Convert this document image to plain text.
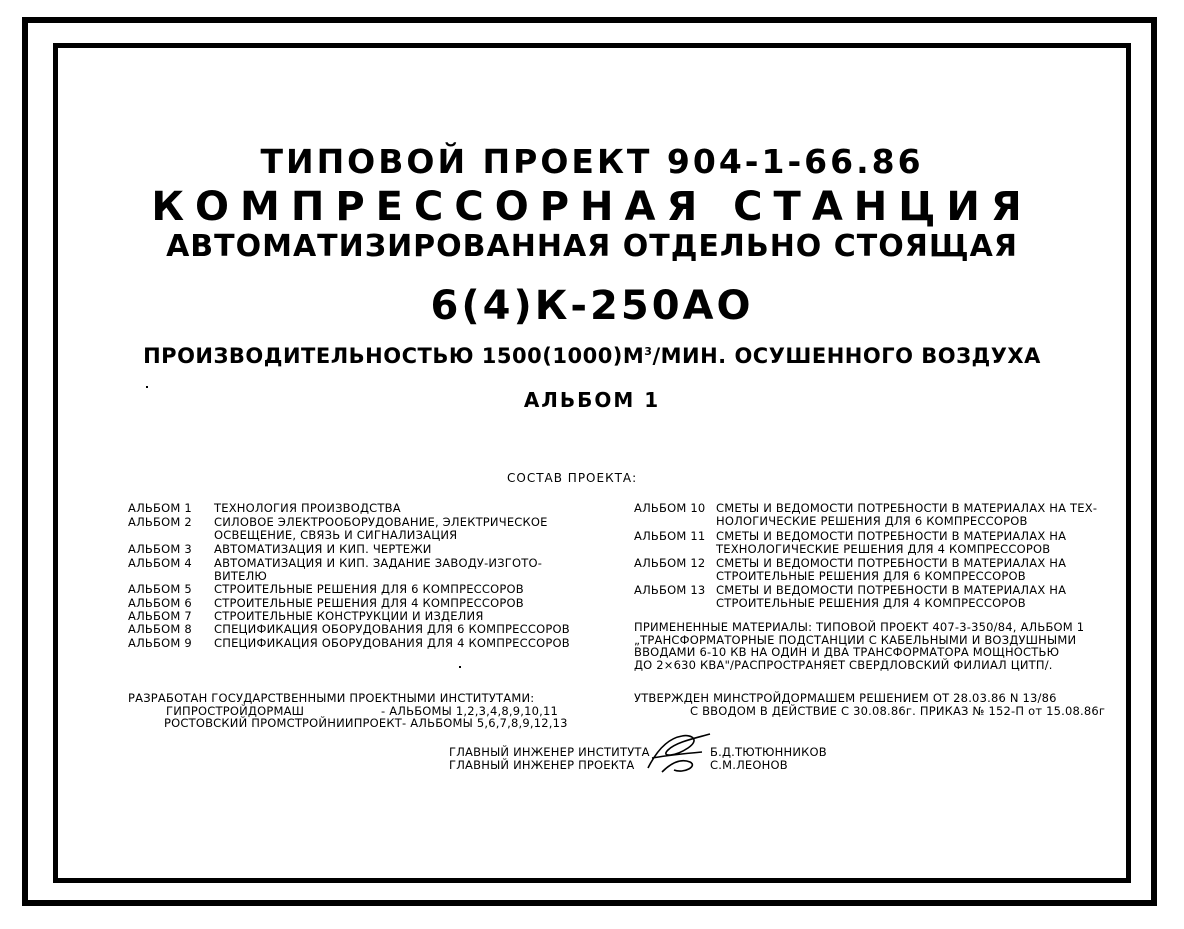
ТИПОВОЙ ПРОЕКТ 904-1-66.86
КОМПРЕССОРНАЯ СТАНЦИЯ
АВТОМАТИЗИРОВАННАЯ ОТДЕЛЬНО СТОЯЩАЯ
6(4)К-250АО
ПРОИЗВОДИТЕЛЬНОСТЬЮ $1500(1000)М^3$/МИН. ОСУШЕННОГО ВОЗДУХА
АЛЬБОМ 1
СОСТАВ ПРОЕКТА:
АЛЬБОМ 1	ТЕХНОЛОГИЯ ПРОИЗВОДСТВА
АЛЬБОМ 2	СИЛОВОЕ ЭЛЕКТРООБОРУДОВАНИЕ, ЭЛЕКТРИЧЕСКОЕ
ОСВЕЩЕНИЕ, СВЯЗЬ И СИГНАЛИЗАЦИЯ
АЛЬБОМ 3	АВТОМАТИЗАЦИЯ И КИП. ЧЕРТЕЖИ
АЛЬБОМ 4	АВТОМАТИЗАЦИЯ И КИП. ЗАДАНИЕ ЗАВОДУ-ИЗГОТО-
ВИТЕЛЮ
АЛЬБОМ 5	СТРОИТЕЛЬНЫЕ РЕШЕНИЯ ДЛЯ 6 КОМПРЕССОРОВ
АЛЬБОМ 6	СТРОИТЕЛЬНЫЕ РЕШЕНИЯ ДЛЯ 4 КОМПРЕССОРОВ
АЛЬБОМ 7	СТРОИТЕЛЬНЫЕ КОНСТРУКЦИИ И ИЗДЕЛИЯ
АЛЬБОМ 8	СПЕЦИФИКАЦИЯ ОБОРУДОВАНИЯ ДЛЯ 6 КОМПРЕССОРОВ
АЛЬБОМ 9	СПЕЦИФИКАЦИЯ ОБОРУДОВАНИЯ ДЛЯ 4 КОМПРЕССОРОВ
АЛЬБОМ 10 СМЕТЫ И ВЕДОМОСТИ ПОТРЕБНОСТИ В МАТЕРИАЛАХ НА ТЕХ-
НОЛОГИЧЕСКИЕ РЕШЕНИЯ ДЛЯ 6 КОМПРЕССОРОВ
АЛЬБОМ 11 СМЕТЫ И ВЕДОМОСТИ ПОТРЕБНОСТИ В МАТЕРИАЛАХ НА
ТЕХНОЛОГИЧЕСКИЕ РЕШЕНИЯ ДЛЯ 4 КОМПРЕССОРОВ
АЛЬБОМ 12 СМЕТЫ И ВЕДОМОСТИ ПОТРЕБНОСТИ В МАТЕРИАЛАХ НА
СТРОИТЕЛЬНЫЕ РЕШЕНИЯ ДЛЯ 6 КОМПРЕССОРОВ
АЛЬБОМ 13 СМЕТЫ И ВЕДОМОСТИ ПОТРЕБНОСТИ В МАТЕРИАЛАХ НА
СТРОИТЕЛЬНЫЕ РЕШЕНИЯ ДЛЯ 4 КОМПРЕССОРОВ
ПРИМЕНЕННЫЕ МАТЕРИАЛЫ: ТИПОВОЙ ПРОЕКТ 407-3-350/84, АЛЬБОМ 1
„ТРАНСФОРМАТОРНЫЕ ПОДСТАНЦИИ С КАБЕЛЬНЫМИ И ВОЗДУШНЫМИ
ВВОДАМИ 6-10 КВ НА ОДИН И ДВА ТРАНСФОРМАТОРА МОЩНОСТЬЮ
ДО 2×630 КВА"/РАСПРОСТРАНЯЕТ СВЕРДЛОВСКИЙ ФИЛИАЛ ЦИТП/.
РАЗРАБОТАН ГОСУДАРСТВЕННЫМИ ПРОЕКТНЫМИ ИНСТИТУТАМИ:
ГИПРОСТРОЙДОРМАШ	- АЛЬБОМЫ 1,2,3,4,8,9,10,11
РОСТОВСКИЙ ПРОМСТРОЙНИИПРОЕКТ - АЛЬБОМЫ 5,6,7,8,9,12,13
УТВЕРЖДЕН МИНСТРОЙДОРМАШЕМ РЕШЕНИЕМ ОТ 28.03.86 N 13/86
С ВВОДОМ В ДЕЙСТВИЕ С 30.08.86г. ПРИКАЗ № 152-П от 15.08.86г
ГЛАВНЫЙ ИНЖЕНЕР ИНСТИТУТА	Б.Д.ТЮТЮННИКОВ
ГЛАВНЫЙ ИНЖЕНЕР ПРОЕКТА	С.М.ЛЕОНОВ
